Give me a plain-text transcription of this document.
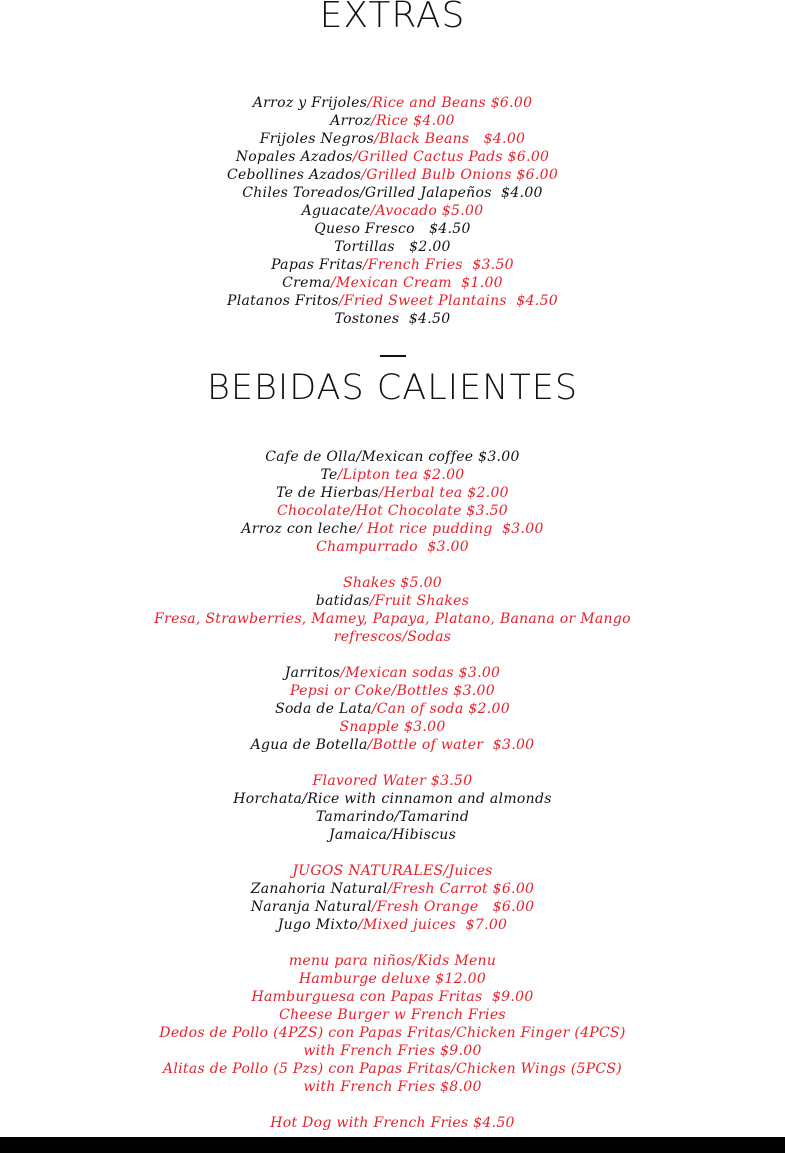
EXTRAS
Arroz y Frijoles/Rice and Beans $6.00
Arroz/Rice $4.00
Frijoles Negros/Black Beans   $4.00
Nopales Azados/Grilled Cactus Pads $6.00
Cebollines Azados/Grilled Bulb Onions $6.00
Chiles Toreados/Grilled Jalapeños  $4.00
Aguacate/Avocado $5.00
Queso Fresco   $4.50
Tortillas   $2.00
Papas Fritas/French Fries  $3.50
Crema/Mexican Cream  $1.00
Platanos Fritos/Fried Sweet Plantains  $4.50
Tostones  $4.50
BEBIDAS CALIENTES
Cafe de Olla/Mexican coffee $3.00
Te/Lipton tea $2.00
Te de Hierbas/Herbal tea $2.00
Chocolate/Hot Chocolate $3.50
Arroz con leche/ Hot rice pudding  $3.00
Champurrado  $3.00
Shakes $5.00
batidas/Fruit Shakes
Fresa, Strawberries, Mamey, Papaya, Platano, Banana or Mango
refrescos/Sodas
Jarritos/Mexican sodas $3.00
Pepsi or Coke/Bottles $3.00
Soda de Lata/Can of soda $2.00
Snapple $3.00
Agua de Botella/Bottle of water  $3.00
Flavored Water $3.50
Horchata/Rice with cinnamon and almonds
Tamarindo/Tamarind
Jamaica/Hibiscus
JUGOS NATURALES/Juices
Zanahoria Natural/Fresh Carrot $6.00
Naranja Natural/Fresh Orange   $6.00
Jugo Mixto/Mixed juices  $7.00
menu para niños/Kids Menu
Hamburge deluxe $12.00
Hamburguesa con Papas Fritas  $9.00
Cheese Burger w French Fries
Dedos de Pollo (4PZS) con Papas Fritas/Chicken Finger (4PCS) with French Fries $9.00
Alitas de Pollo (5 Pzs) con Papas Fritas/Chicken Wings (5PCS) with French Fries $8.00
Hot Dog with French Fries $4.50
